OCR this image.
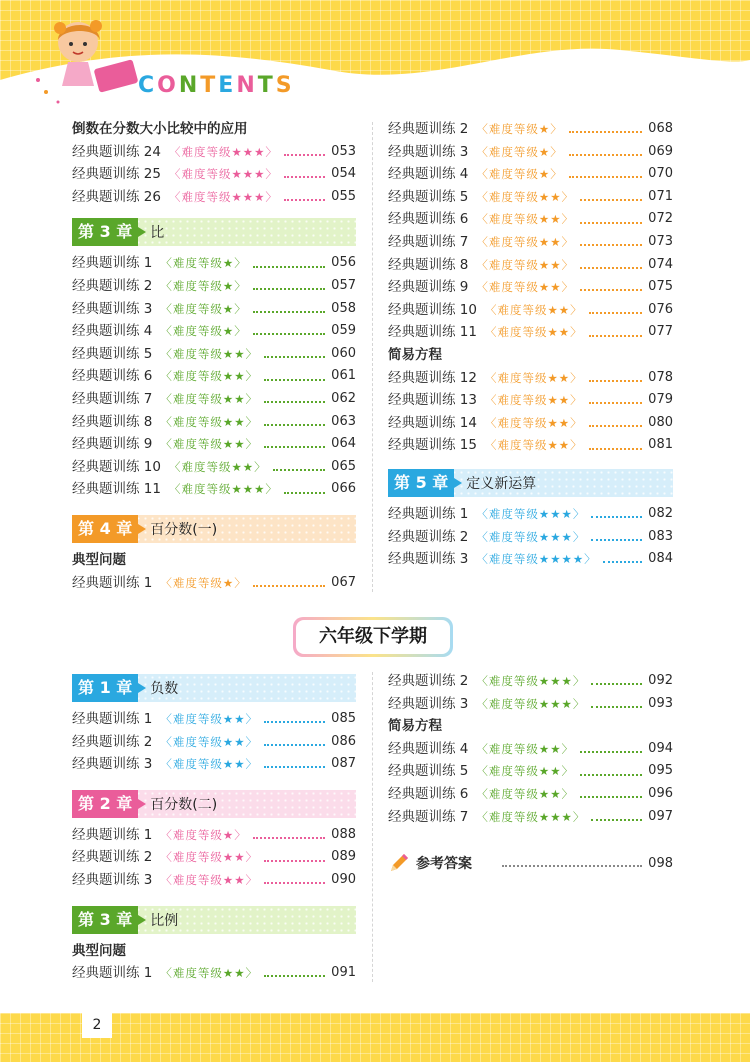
CONTENTS
倒数在分数大小比较中的应用
经典题训练 24 〈难度等级★★★〉	053
经典题训练 25 〈难度等级★★★〉	054
经典题训练 26 〈难度等级★★★〉	055
第 3 章	比
经典题训练 1 〈难度等级★〉	056
经典题训练 2 〈难度等级★〉	057
经典题训练 3 〈难度等级★〉	058
经典题训练 4 〈难度等级★〉	059
经典题训练 5 〈难度等级★★〉	060
经典题训练 6 〈难度等级★★〉	061
经典题训练 7 〈难度等级★★〉	062
经典题训练 8 〈难度等级★★〉	063
经典题训练 9 〈难度等级★★〉	064
经典题训练 10 〈难度等级★★〉	065
经典题训练 11 〈难度等级★★★〉	066
第 4 章	百分数(一)
典型问题
经典题训练 1 〈难度等级★〉	067
经典题训练 2 〈难度等级★〉	068
经典题训练 3 〈难度等级★〉	069
经典题训练 4 〈难度等级★〉	070
经典题训练 5 〈难度等级★★〉	071
经典题训练 6 〈难度等级★★〉	072
经典题训练 7 〈难度等级★★〉	073
经典题训练 8 〈难度等级★★〉	074
经典题训练 9 〈难度等级★★〉	075
经典题训练 10 〈难度等级★★〉	076
经典题训练 11 〈难度等级★★〉	077
简易方程
经典题训练 12 〈难度等级★★〉	078
经典题训练 13 〈难度等级★★〉	079
经典题训练 14 〈难度等级★★〉	080
经典题训练 15 〈难度等级★★〉	081
第 5 章	定义新运算
经典题训练 1 〈难度等级★★★〉	082
经典题训练 2 〈难度等级★★★〉	083
经典题训练 3 〈难度等级★★★★〉	084
六年级下学期
第 1 章	负数
经典题训练 1 〈难度等级★★〉	085
经典题训练 2 〈难度等级★★〉	086
经典题训练 3 〈难度等级★★〉	087
第 2 章	百分数(二)
经典题训练 1 〈难度等级★〉	088
经典题训练 2 〈难度等级★★〉	089
经典题训练 3 〈难度等级★★〉	090
第 3 章	比例
典型问题
经典题训练 1 〈难度等级★★〉	091
经典题训练 2 〈难度等级★★★〉	092
经典题训练 3 〈难度等级★★★〉	093
简易方程
经典题训练 4 〈难度等级★★〉	094
经典题训练 5 〈难度等级★★〉	095
经典题训练 6 〈难度等级★★〉	096
经典题训练 7 〈难度等级★★★〉	097
参考答案	098
2
